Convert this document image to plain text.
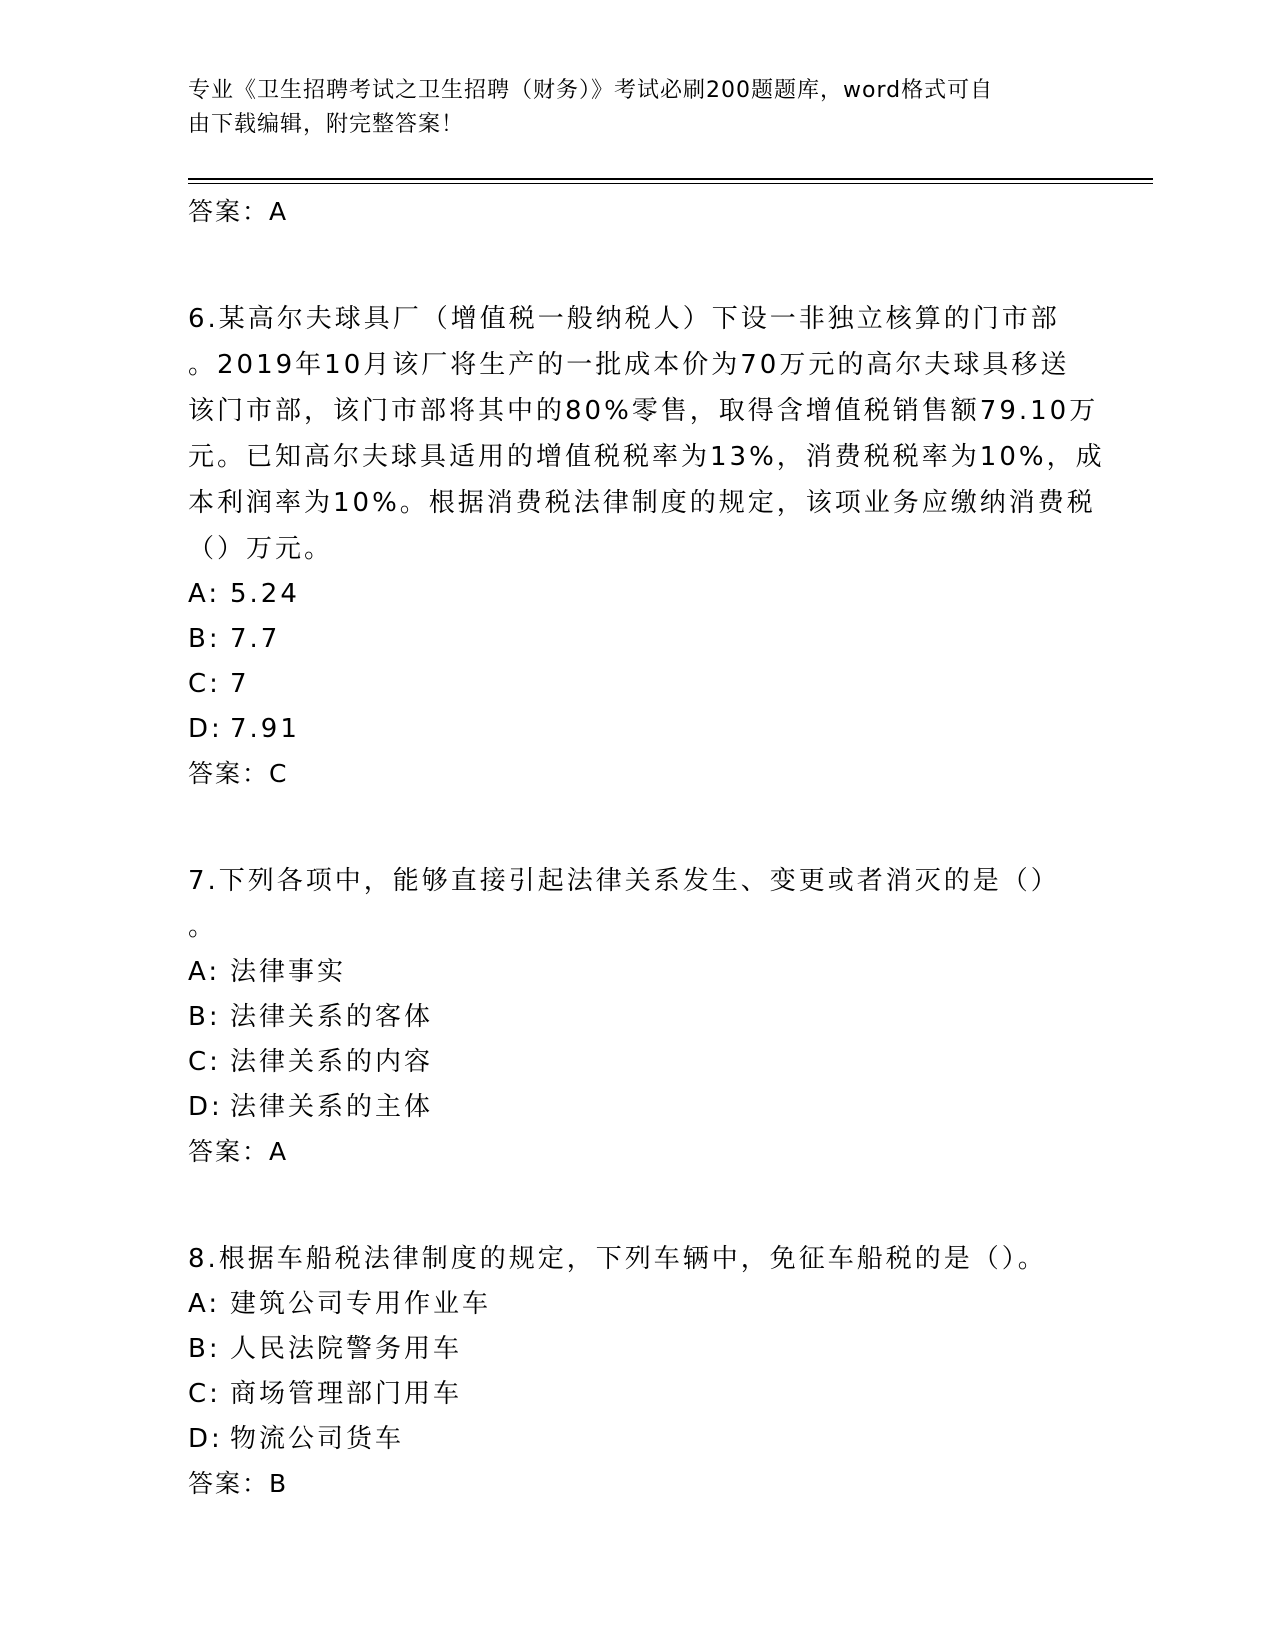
专业《卫生招聘考试之卫生招聘（财务）》考试必刷200题题库，word格式可自
由下载编辑，附完整答案！
答案：A
6.某高尔夫球具厂（增值税一般纳税人）下设一非独立核算的门市部
。2019年10月该厂将生产的一批成本价为70万元的高尔夫球具移送
该门市部，该门市部将其中的80%零售，取得含增值税销售额79.10万
元。已知高尔夫球具适用的增值税税率为13%，消费税税率为10%，成
本利润率为10%。根据消费税法律制度的规定，该项业务应缴纳消费税
（）万元。
A: 5.24
B: 7.7
C: 7
D: 7.91
答案：C
7.下列各项中，能够直接引起法律关系发生、变更或者消灭的是（）
。
A: 法律事实
B: 法律关系的客体
C: 法律关系的内容
D: 法律关系的主体
答案：A
8.根据车船税法律制度的规定，下列车辆中，免征车船税的是（）。
A: 建筑公司专用作业车
B: 人民法院警务用车
C: 商场管理部门用车
D: 物流公司货车
答案：B
